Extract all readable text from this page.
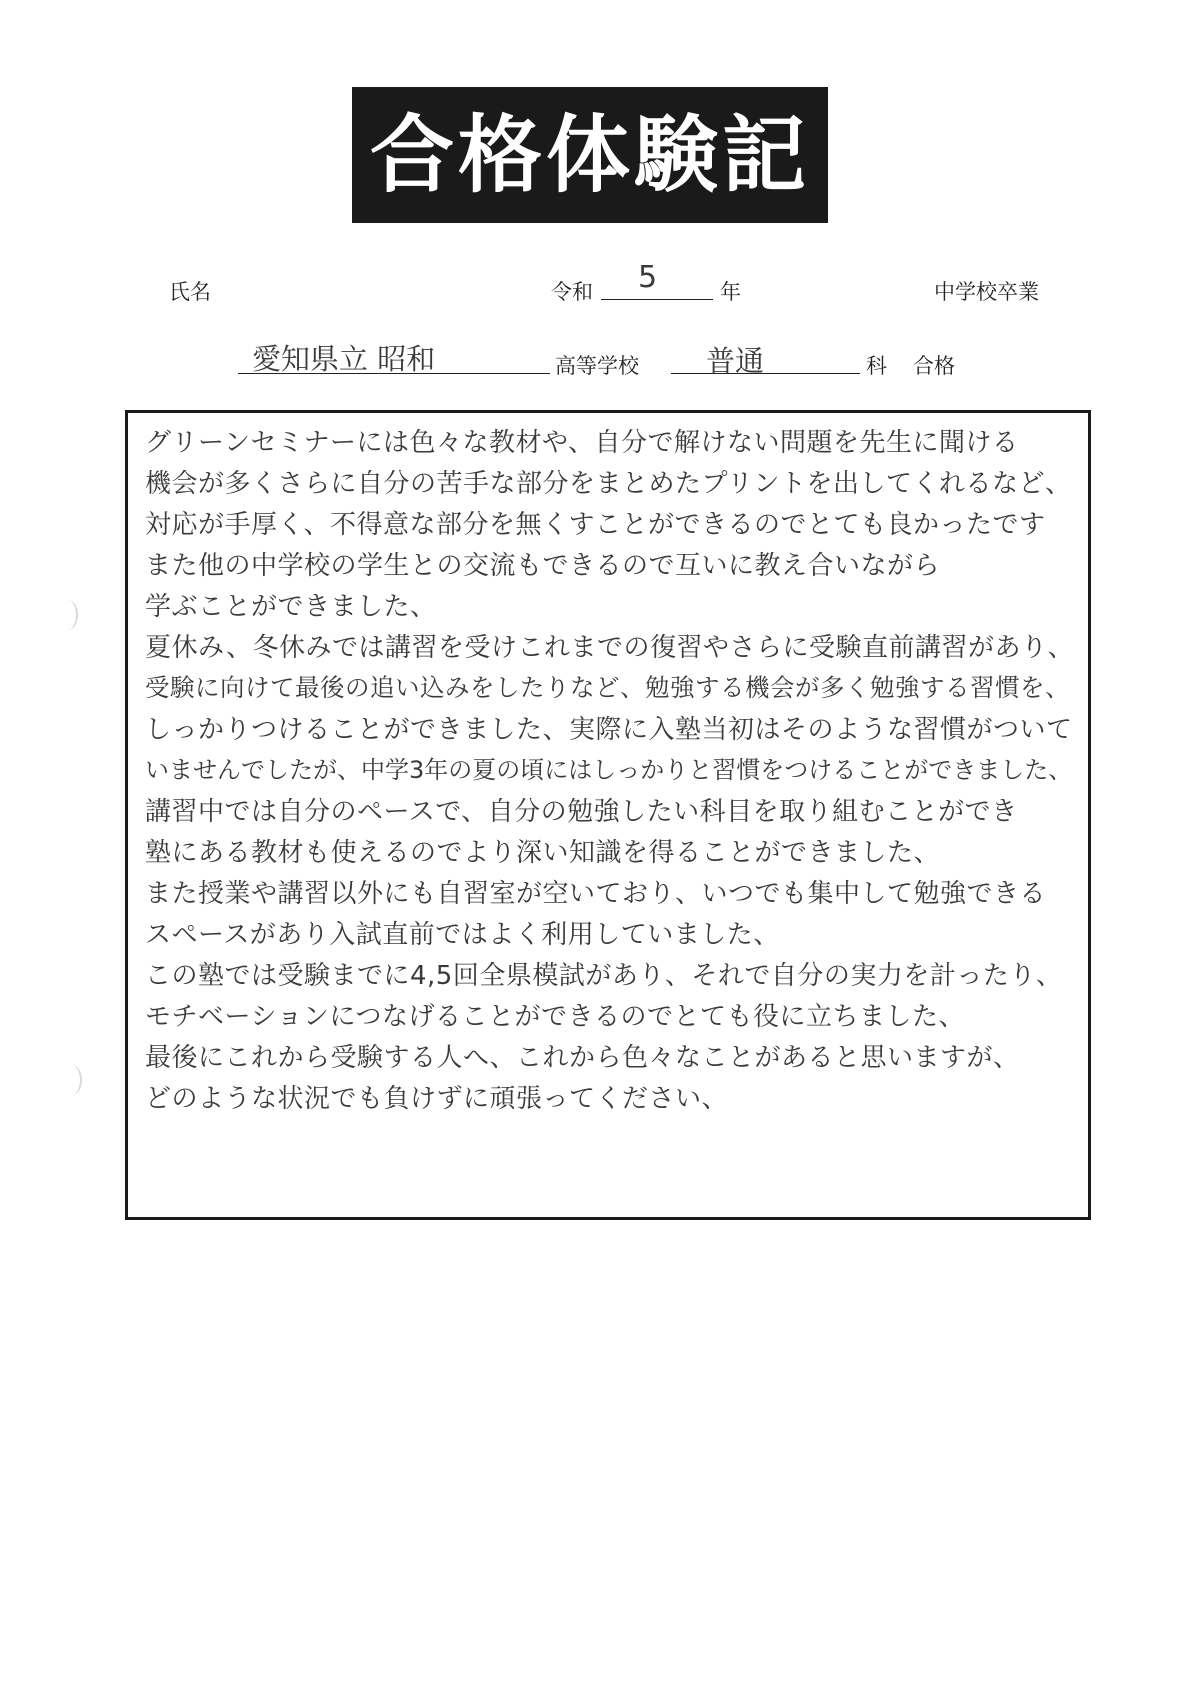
合格体験記
氏名	令和 5	年	中学校卒業
愛知県立 昭和	高等学校 普通	科 合格
グリーンセミナーには色々な教材や、自分で解けない問題を先生に聞ける
機会が多くさらに自分の苦手な部分をまとめたプリントを出してくれるなど、
対応が手厚く、不得意な部分を無くすことができるのでとても良かったです
また他の中学校の学生との交流もできるので互いに教え合いながら
学ぶことができました、
夏休み、冬休みでは講習を受けこれまでの復習やさらに受験直前講習があり、
受験に向けて最後の追い込みをしたりなど、勉強する機会が多く勉強する習慣を、
しっかりつけることができました、実際に入塾当初はそのような習慣がついて
いませんでしたが、中学3年の夏の頃にはしっかりと習慣をつけることができました、
講習中では自分のペースで、自分の勉強したい科目を取り組むことができ
塾にある教材も使えるのでより深い知識を得ることができました、
また授業や講習以外にも自習室が空いており、いつでも集中して勉強できる
スペースがあり入試直前ではよく利用していました、
この塾では受験までに4,5回全県模試があり、それで自分の実力を計ったり、
モチベーションにつなげることができるのでとても役に立ちました、
最後にこれから受験する人へ、これから色々なことがあると思いますが、
どのような状況でも負けずに頑張ってください、
